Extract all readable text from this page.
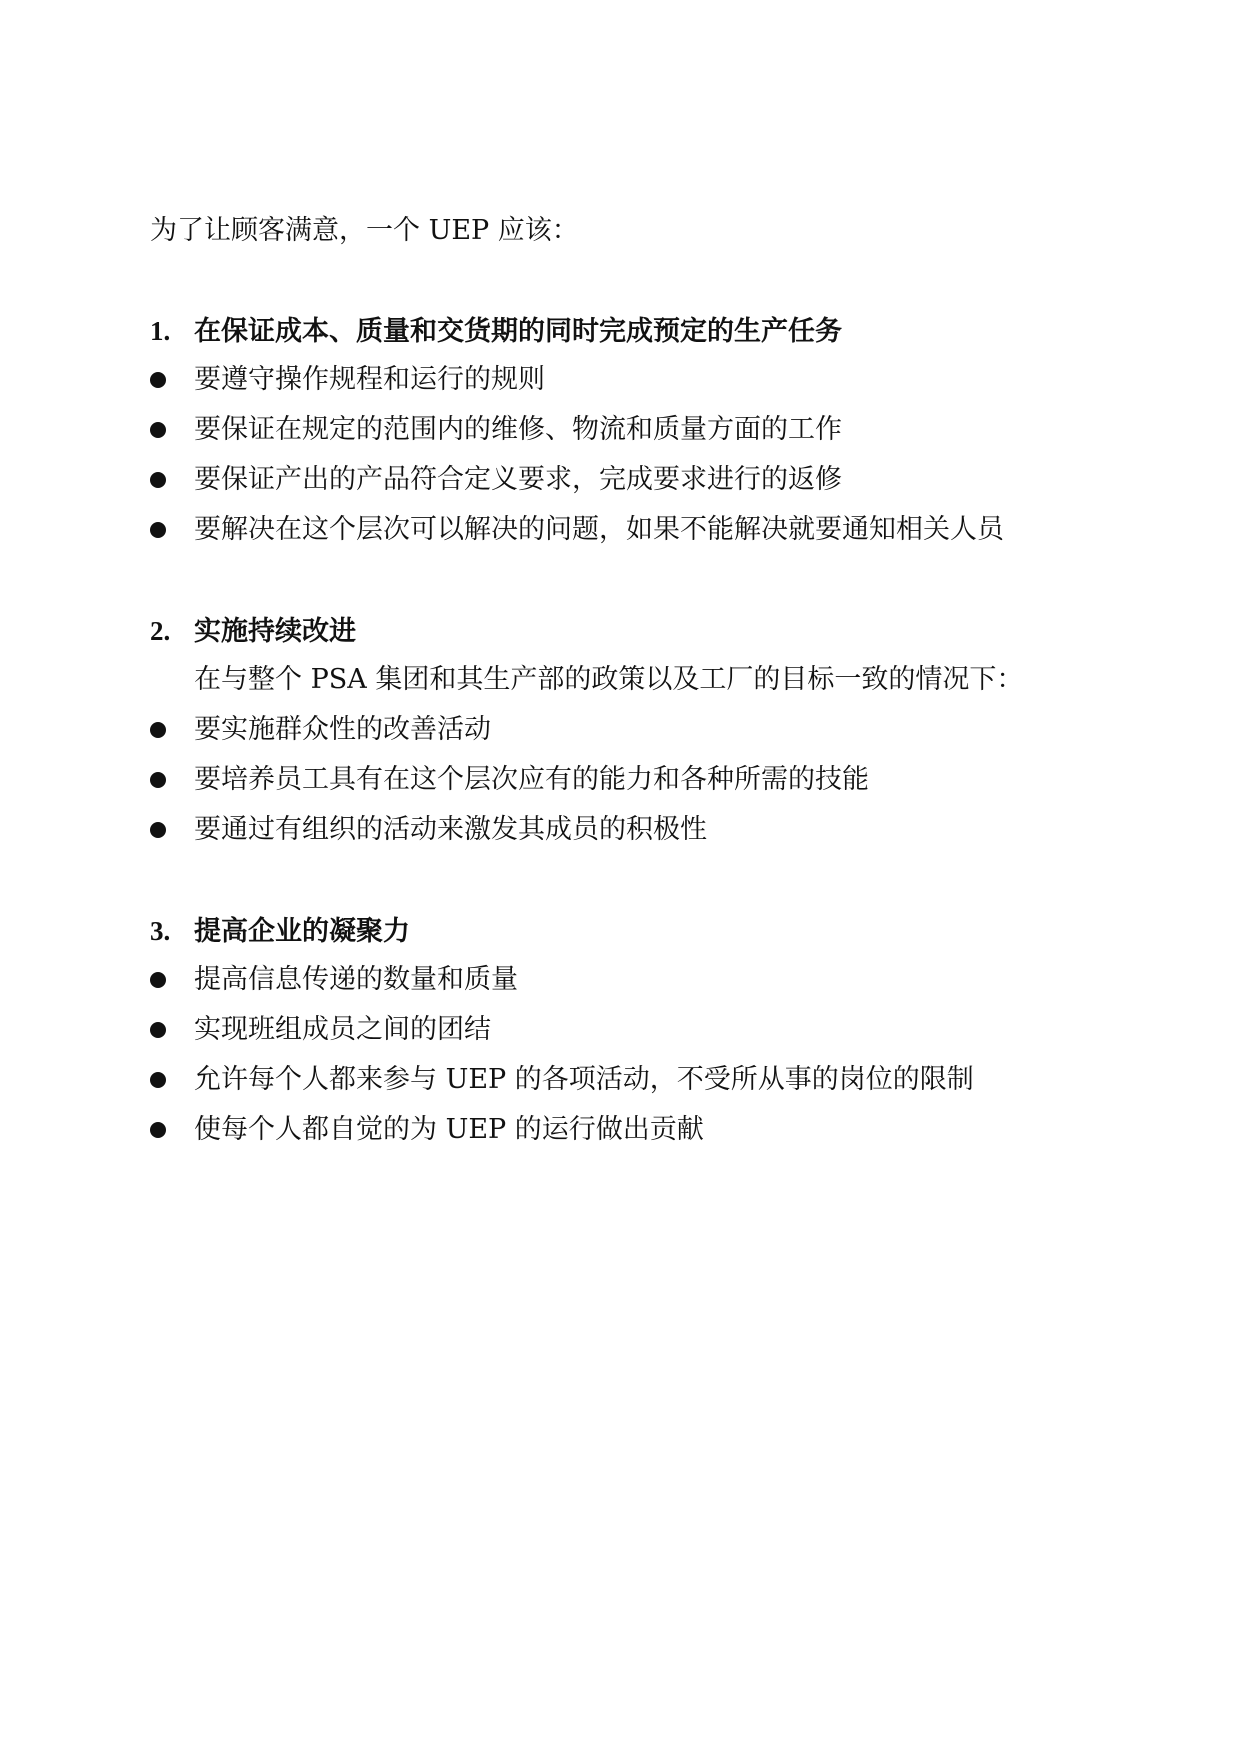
为了让顾客满意，一个 UEP 应该：
1. 在保证成本、质量和交货期的同时完成预定的生产任务
要遵守操作规程和运行的规则
要保证在规定的范围内的维修、物流和质量方面的工作
要保证产出的产品符合定义要求，完成要求进行的返修
要解决在这个层次可以解决的问题，如果不能解决就要通知相关人员
2. 实施持续改进
在与整个 PSA 集团和其生产部的政策以及工厂的目标一致的情况下：
要实施群众性的改善活动
要培养员工具有在这个层次应有的能力和各种所需的技能
要通过有组织的活动来激发其成员的积极性
3. 提高企业的凝聚力
提高信息传递的数量和质量
实现班组成员之间的团结
允许每个人都来参与 UEP 的各项活动，不受所从事的岗位的限制
使每个人都自觉的为 UEP 的运行做出贡献
